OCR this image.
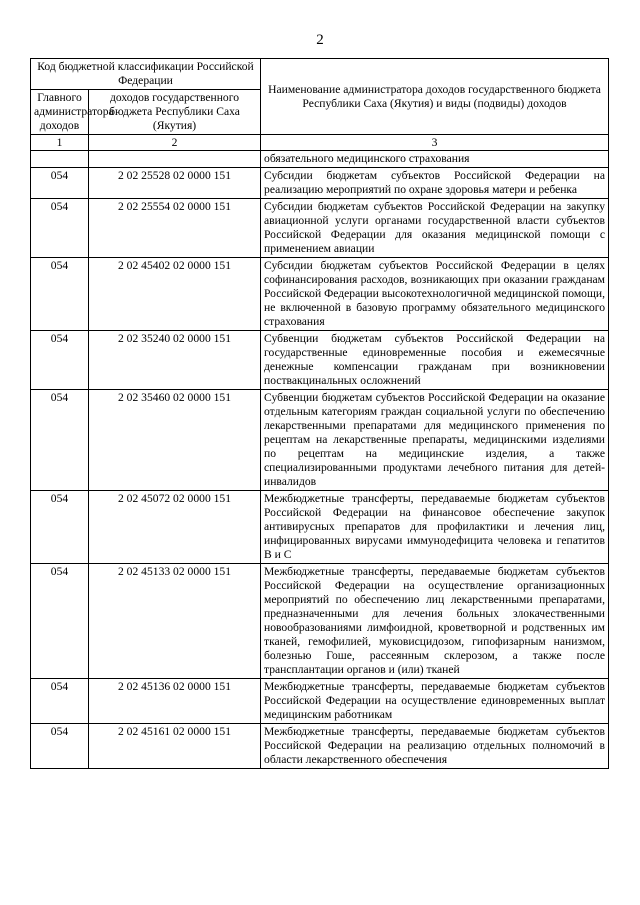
2
Код бюджетной классификации Российской Федерации		Наименование администратора доходов государственного бюджета Республики Саха (Якутия) и виды (подвиды) доходов
Главного администратора доходов	доходов государственного бюджета Республики Саха (Якутия)	
1	2	3
		обязательного медицинского страхования
054	2 02 25528 02 0000 151	Субсидии бюджетам субъектов Российской Федерации на реализацию мероприятий по охране здоровья матери и ребенка
054	2 02 25554 02 0000 151	Субсидии бюджетам субъектов Российской Федерации на закупку авиационной услуги органами государственной власти субъектов Российской Федерации для оказания медицинской помощи с применением авиации
054	2 02 45402 02 0000 151	Субсидии бюджетам субъектов Российской Федерации в целях софинансирования расходов, возникающих при оказании гражданам Российской Федерации высокотехнологичной медицинской помощи, не включенной в базовую программу обязательного медицинского страхования
054	2 02 35240 02 0000 151	Субвенции бюджетам субъектов Российской Федерации на государственные единовременные пособия и ежемесячные денежные компенсации гражданам при возникновении поствакцинальных осложнений
054	2 02 35460 02 0000 151	Субвенции бюджетам субъектов Российской Федерации на оказание отдельным категориям граждан социальной услуги по обеспечению лекарственными препаратами для медицинского применения по рецептам на лекарственные препараты, медицинскими изделиями по рецептам на медицинские изделия, а также специализированными продуктами лечебного питания для детей-инвалидов
054	2 02 45072 02 0000 151	Межбюджетные трансферты, передаваемые бюджетам субъектов Российской Федерации на финансовое обеспечение закупок антивирусных препаратов для профилактики и лечения лиц, инфицированных вирусами иммунодефицита человека и гепатитов В и С
054	2 02 45133 02 0000 151	Межбюджетные трансферты, передаваемые бюджетам субъектов Российской Федерации на осуществление организационных мероприятий по обеспечению лиц лекарственными препаратами, предназначенными для лечения больных злокачественными новообразованиями лимфоидной, кроветворной и родственных им тканей, гемофилией, муковисцидозом, гипофизарным нанизмом, болезнью Гоше, рассеянным склерозом, а также после трансплантации органов и (или) тканей
054	2 02 45136 02 0000 151	Межбюджетные трансферты, передаваемые бюджетам субъектов Российской Федерации на осуществление единовременных выплат медицинским работникам
054	2 02 45161 02 0000 151	Межбюджетные трансферты, передаваемые бюджетам субъектов Российской Федерации на реализацию отдельных полномочий в области лекарственного обеспечения
